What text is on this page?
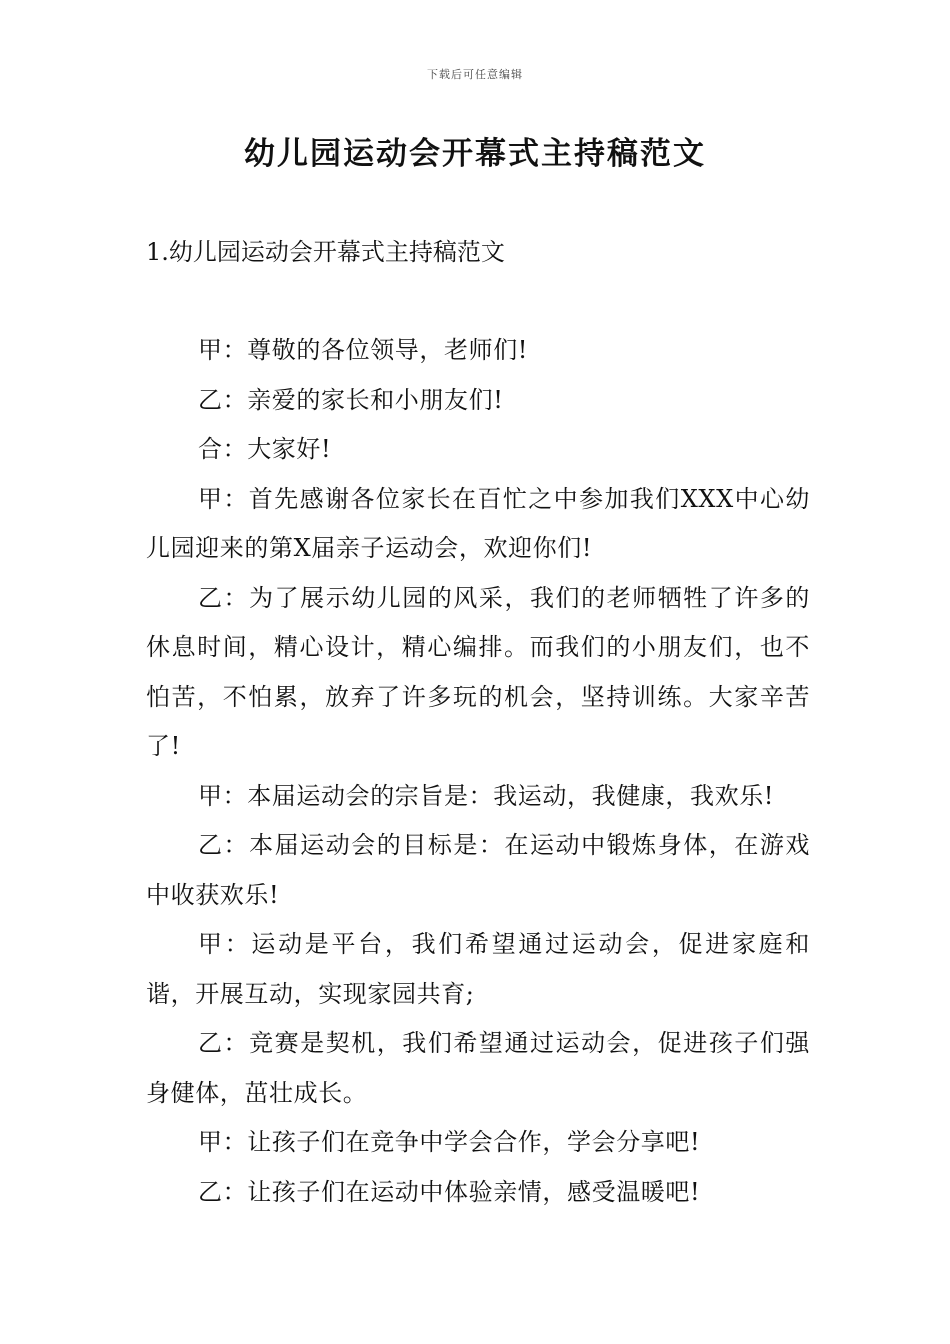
下载后可任意编辑
幼儿园运动会开幕式主持稿范文
1.幼儿园运动会开幕式主持稿范文

甲：尊敬的各位领导，老师们!

乙：亲爱的家长和小朋友们!

合：大家好!

甲：首先感谢各位家长在百忙之中参加我们XXX中心幼儿园迎来的第X届亲子运动会，欢迎你们!

乙：为了展示幼儿园的风采，我们的老师牺牲了许多的休息时间，精心设计，精心编排。而我们的小朋友们，也不怕苦，不怕累，放弃了许多玩的机会，坚持训练。大家辛苦了!

甲：本届运动会的宗旨是：我运动，我健康，我欢乐!

乙：本届运动会的目标是：在运动中锻炼身体，在游戏中收获欢乐!

甲：运动是平台，我们希望通过运动会，促进家庭和谐，开展互动，实现家园共育;

乙：竞赛是契机，我们希望通过运动会，促进孩子们强身健体，茁壮成长。

甲：让孩子们在竞争中学会合作，学会分享吧!

乙：让孩子们在运动中体验亲情，感受温暖吧!
